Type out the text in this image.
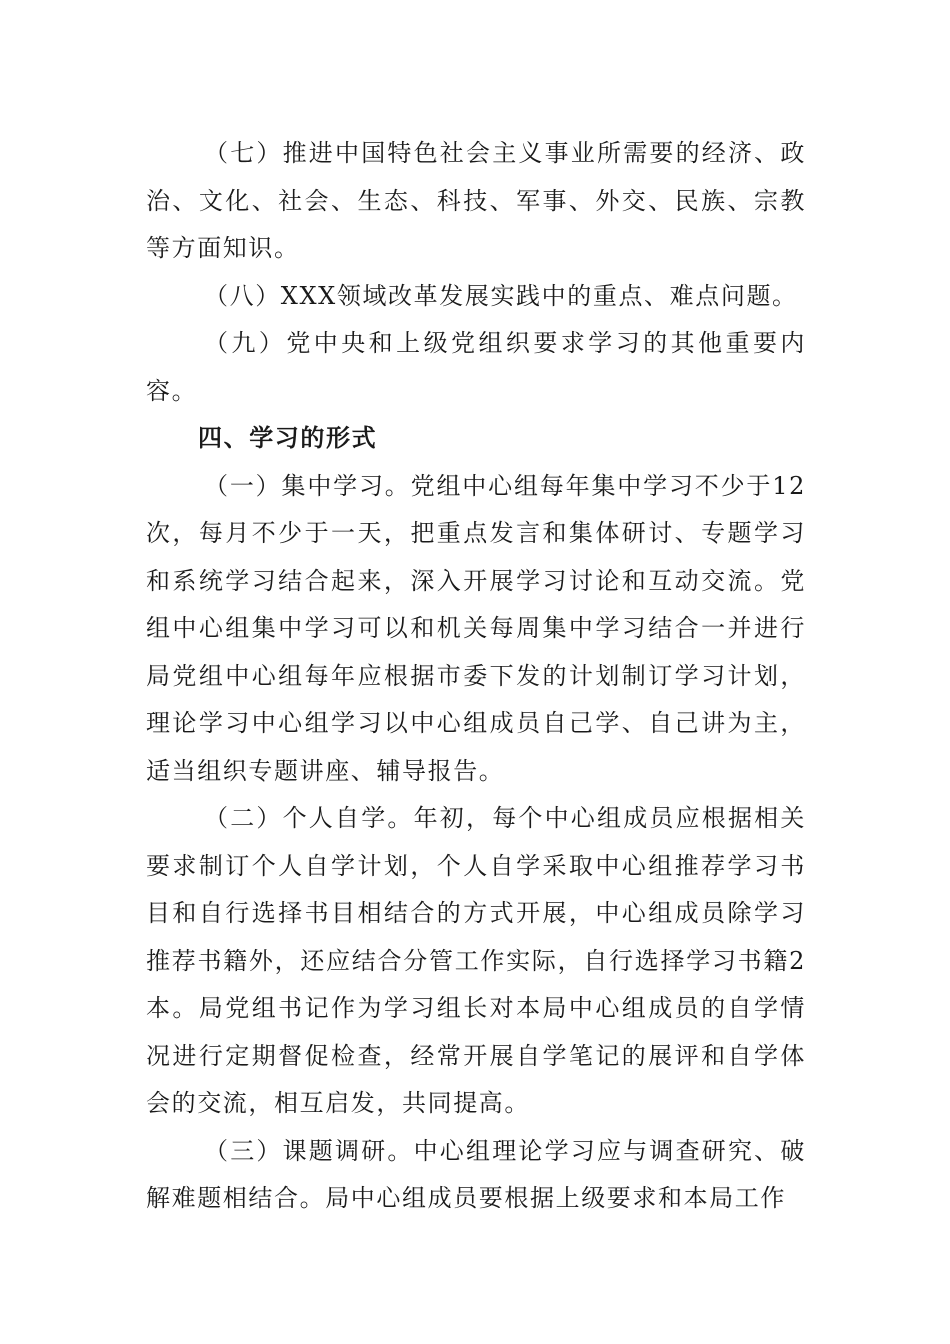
（七）推进中国特色社会主义事业所需要的经济、政治、文化、社会、生态、科技、军事、外交、民族、宗教等方面知识。

（八）XXX领域改革发展实践中的重点、难点问题。

（九）党中央和上级党组织要求学习的其他重要内容。

四、学习的形式

（一）集中学习。党组中心组每年集中学习不少于12次，每月不少于一天，把重点发言和集体研讨、专题学习和系统学习结合起来，深入开展学习讨论和互动交流。党组中心组集中学习可以和机关每周集中学习结合一并进行局党组中心组每年应根据市委下发的计划制订学习计划，理论学习中心组学习以中心组成员自己学、自己讲为主，适当组织专题讲座、辅导报告。

（二）个人自学。年初，每个中心组成员应根据相关要求制订个人自学计划，个人自学采取中心组推荐学习书目和自行选择书目相结合的方式开展，中心组成员除学习推荐书籍外，还应结合分管工作实际，自行选择学习书籍2本。局党组书记作为学习组长对本局中心组成员的自学情况进行定期督促检查，经常开展自学笔记的展评和自学体会的交流，相互启发，共同提高。

（三）课题调研。中心组理论学习应与调查研究、破解难题相结合。局中心组成员要根据上级要求和本局工作
